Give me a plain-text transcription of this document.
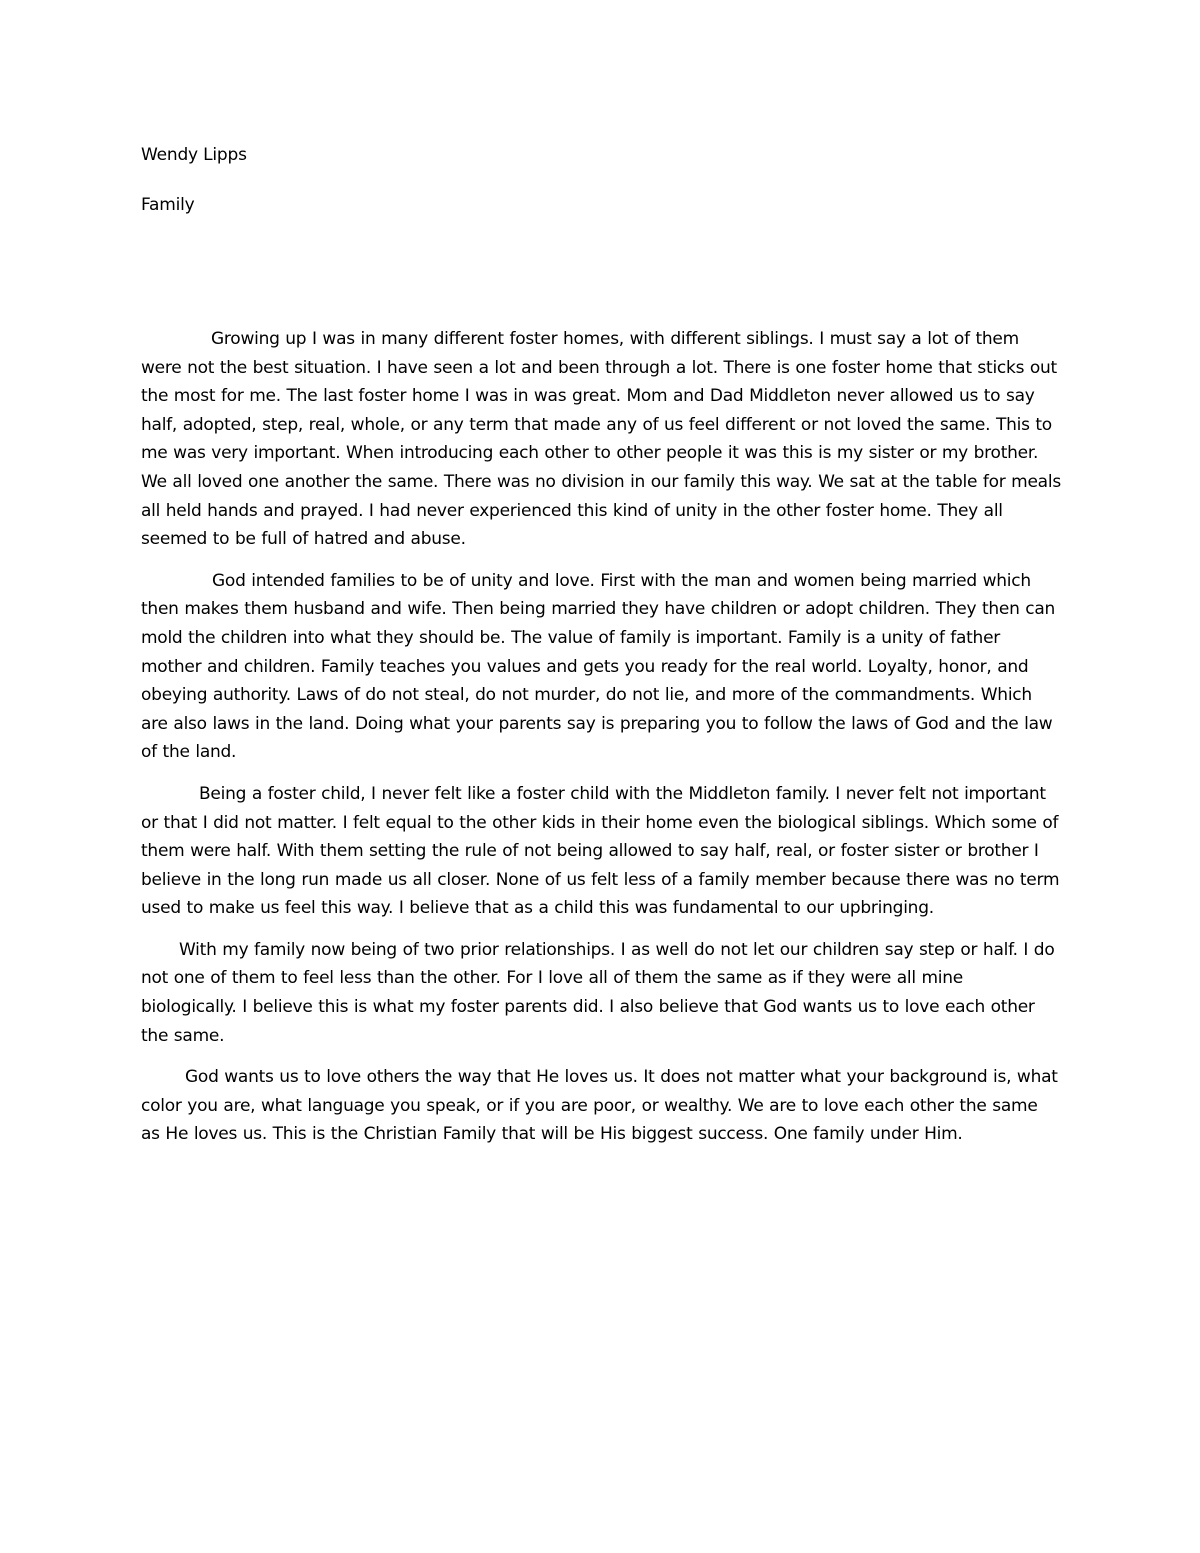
Wendy Lipps

Family

Growing up I was in many different foster homes, with different siblings. I must say a lot of them were not the best situation. I have seen a lot and been through a lot. There is one foster home that sticks out the most for me. The last foster home I was in was great. Mom and Dad Middleton never allowed us to say half, adopted, step, real, whole, or any term that made any of us feel different or not loved the same. This to me was very important. When introducing each other to other people it was this is my sister or my brother. We all loved one another the same. There was no division in our family this way. We sat at the table for meals all held hands and prayed. I had never experienced this kind of unity in the other foster home. They all seemed to be full of hatred and abuse.

God intended families to be of unity and love. First with the man and women being married which then makes them husband and wife. Then being married they have children or adopt children. They then can mold the children into what they should be. The value of family is important. Family is a unity of father mother and children. Family teaches you values and gets you ready for the real world. Loyalty, honor, and obeying authority. Laws of do not steal, do not murder, do not lie, and more of the commandments. Which are also laws in the land. Doing what your parents say is preparing you to follow the laws of God and the law of the land.

Being a foster child, I never felt like a foster child with the Middleton family. I never felt not important or that I did not matter. I felt equal to the other kids in their home even the biological siblings. Which some of them were half. With them setting the rule of not being allowed to say half, real, or foster sister or brother I believe in the long run made us all closer. None of us felt less of a family member because there was no term used to make us feel this way. I believe that as a child this was fundamental to our upbringing.

With my family now being of two prior relationships. I as well do not let our children say step or half. I do not one of them to feel less than the other. For I love all of them the same as if they were all mine biologically. I believe this is what my foster parents did. I also believe that God wants us to love each other the same.

God wants us to love others the way that He loves us. It does not matter what your background is, what color you are, what language you speak, or if you are poor, or wealthy. We are to love each other the same as He loves us. This is the Christian Family that will be His biggest success. One family under Him.
